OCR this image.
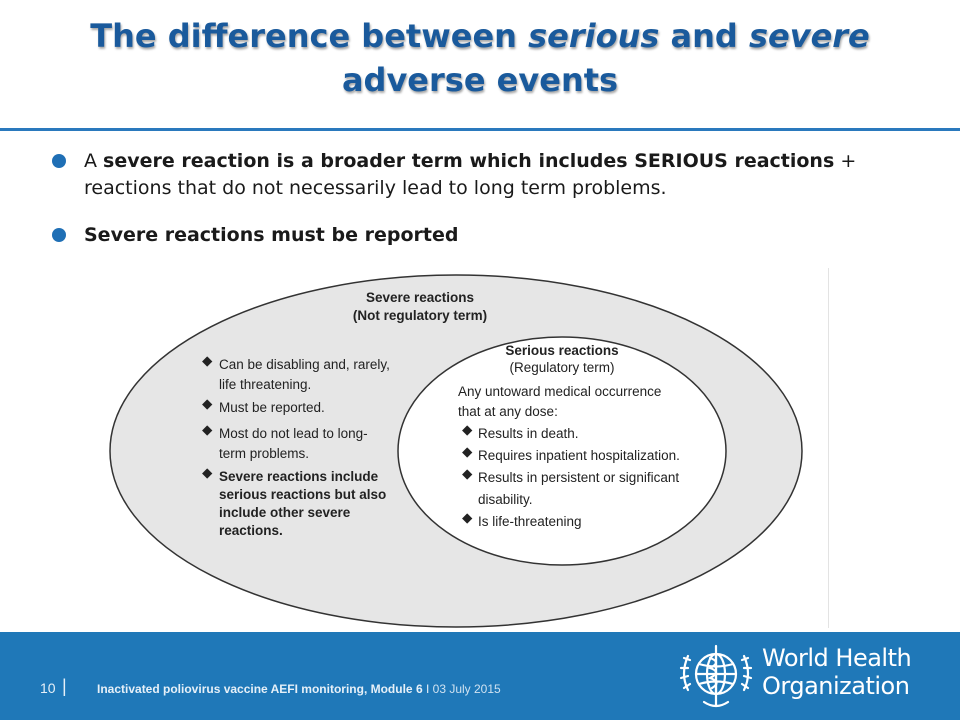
The difference between serious and severe
adverse events
A severe reaction is a broader term which includes SERIOUS reactions + reactions that do not necessarily lead to long term problems.
Severe reactions must be reported
Severe reactions
(Not regulatory term)
◆ Can be disabling and, rarely,
life threatening.
◆ Must be reported.
◆ Most do not lead to long-
term problems.
◆ Severe reactions include
serious reactions but also
include other severe
reactions.
Serious reactions
(Regulatory term)
Any untoward medical occurrence
that at any dose:
◆ Results in death.
◆ Requires inpatient hospitalization.
◆ Results in persistent or significant
disability.
◆ Is life-threatening
10 |	Inactivated poliovirus vaccine AEFI monitoring, Module 6 I 03 July 2015
World Health
Organization
